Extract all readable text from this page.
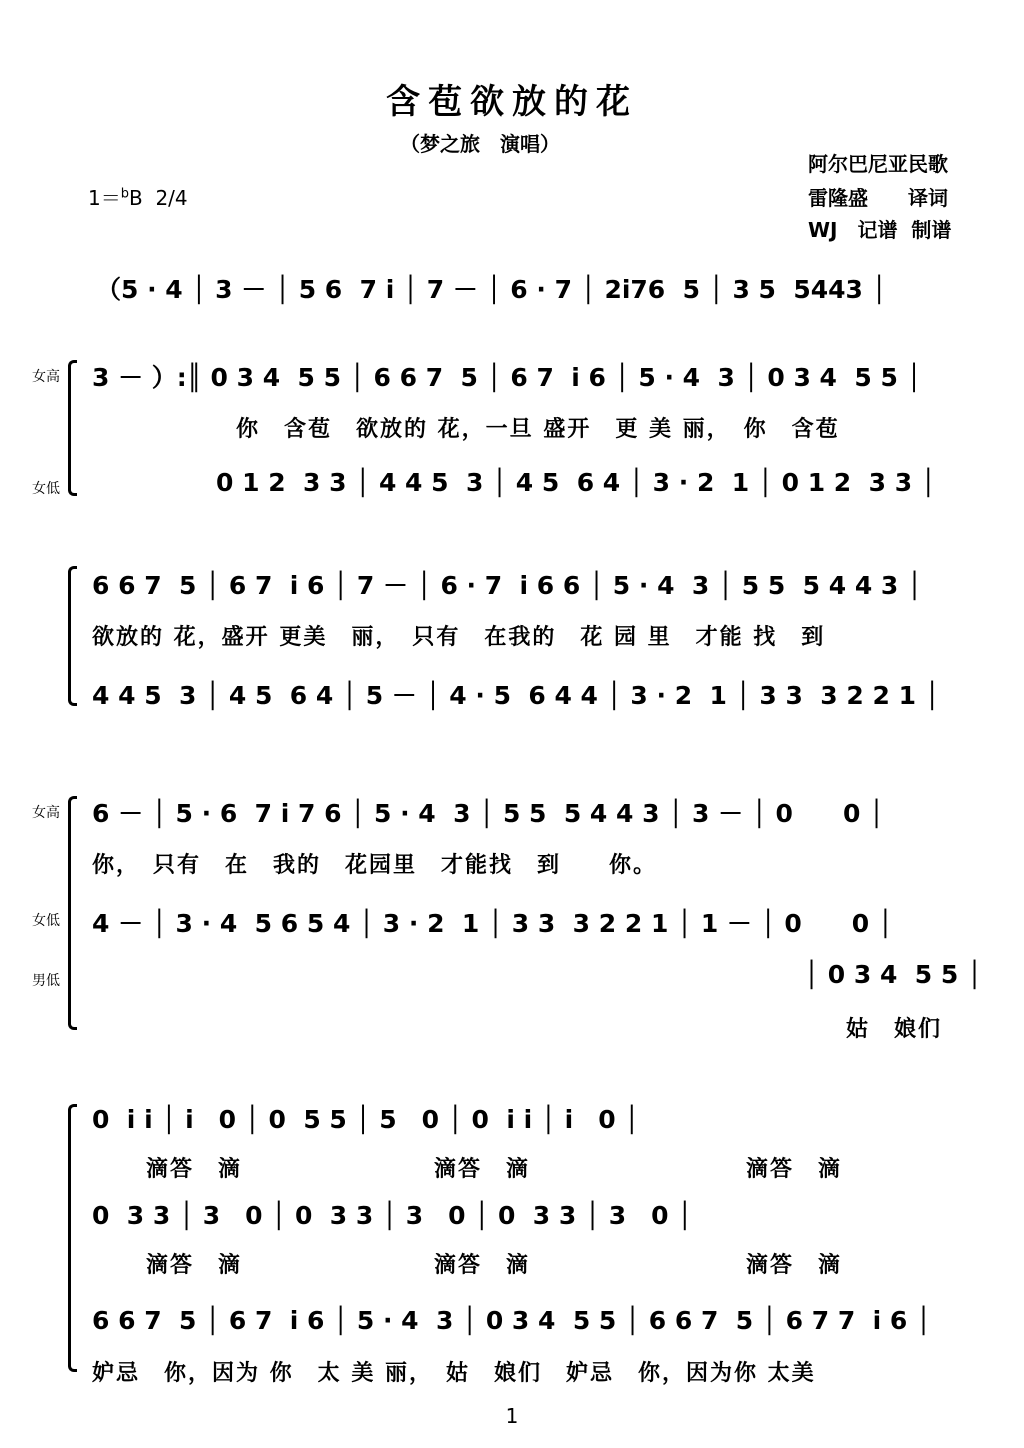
含苞欲放的花
（梦之旅　演唱）
1＝$^b$B 2/4
阿尔巴尼亚民歌
雷隆盛　　译词
WJ　记谱  制谱
（5 · 4 │ 3 － │ 5 6  7 i │ 7 － │ 6 · 7 │ 2i76  5 │ 3 5  5443 │
女高
女低
3 － ）:║ 0 3 4  5 5 │ 6 6 7  5 │ 6 7  i 6 │ 5 · 4  3 │ 0 3 4  5 5 │
你　含苞　欲放的 花，一旦 盛开　更 美 丽，　你　含苞
0 1 2  3 3 │ 4 4 5  3 │ 4 5  6 4 │ 3 · 2  1 │ 0 1 2  3 3 │
6 6 7  5 │ 6 7  i 6 │ 7 － │ 6 · 7  i 6 6 │ 5 · 4  3 │ 5 5  5 4 4 3 │
欲放的 花，盛开 更美　丽，　只有　在我的　花 园 里　才能 找　到
4 4 5  3 │ 4 5  6 4 │ 5 － │ 4 · 5  6 4 4 │ 3 · 2  1 │ 3 3  3 2 2 1 │
女高
女低
男低
6 － │ 5 · 6  7 i 7 6 │ 5 · 4  3 │ 5 5  5 4 4 3 │ 3 － │ 0　　0 │
你，　只有　在　我的　花园里　才能找　到　　你。
4 － │ 3 · 4  5 6 5 4 │ 3 · 2  1 │ 3 3  3 2 2 1 │ 1 － │ 0　　0 │
│ 0 3 4  5 5 │
姑　娘们
0  i i │ i　0 │ 0  5 5 │ 5　0 │ 0  i i │ i　0 │
滴答　滴　　　　　　　　滴答　滴　　　　　　　　　滴答　滴
0  3 3 │ 3　0 │ 0  3 3 │ 3　0 │ 0  3 3 │ 3　0 │
滴答　滴　　　　　　　　滴答　滴　　　　　　　　　滴答　滴
6 6 7  5 │ 6 7  i 6 │ 5 · 4  3 │ 0 3 4  5 5 │ 6 6 7  5 │ 6 7 7  i 6 │
妒忌　你，因为 你　太 美 丽，　姑　娘们　妒忌　你，因为你 太美
1
